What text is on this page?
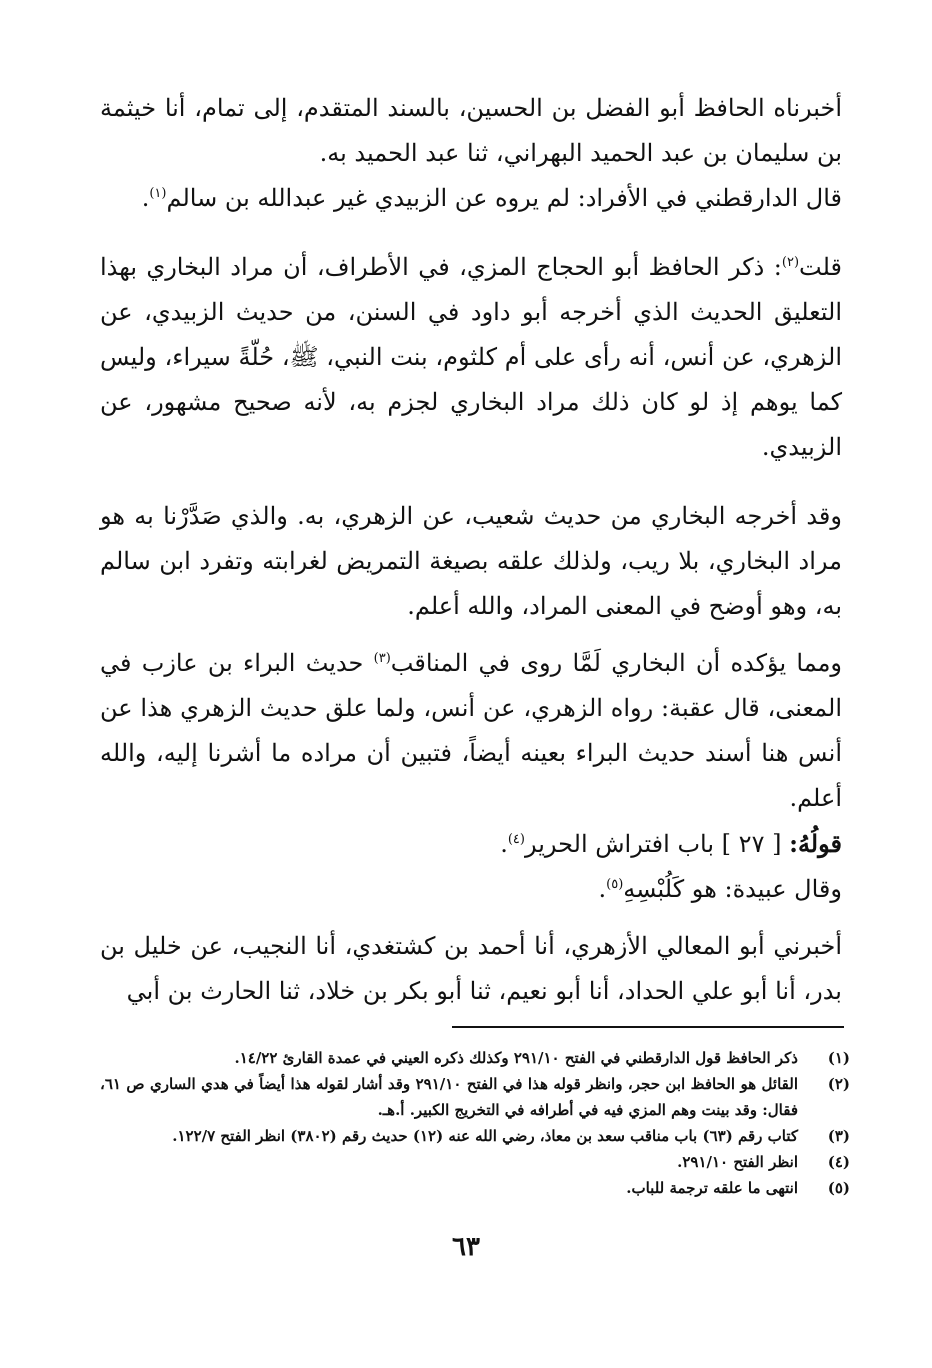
أخبرناه الحافظ أبو الفضل بن الحسين، بالسند المتقدم، إلى تمام، أنا خيثمة بن سليمان بن عبد الحميد البهراني، ثنا عبد الحميد به.

قال الدارقطني في الأفراد: لم يروه عن الزبيدي غير عبدالله بن سالم$^{(١)}$.

قلت$^{(٢)}$: ذكر الحافظ أبو الحجاج المزي، في الأطراف، أن مراد البخاري بهذا التعليق الحديث الذي أخرجه أبو داود في السنن، من حديث الزبيدي، عن الزهري، عن أنس، أنه رأى على أم كلثوم، بنت النبي، ﷺ، حُلّةً سيراء، وليس كما يوهم إذ لو كان ذلك مراد البخاري لجزم به، لأنه صحيح مشهور، عن الزبيدي.

وقد أخرجه البخاري من حديث شعيب، عن الزهري، به. والذي صَدَّرْنا به هو مراد البخاري، بلا ريب، ولذلك علقه بصيغة التمريض لغرابته وتفرد ابن سالم به، وهو أوضح في المعنى المراد، والله أعلم.

ومما يؤكده أن البخاري لَمَّا روى في المناقب$^{(٣)}$ حديث البراء بن عازب في المعنى، قال عقبة: رواه الزهري، عن أنس، ولما علق حديث الزهري هذا عن أنس هنا أسند حديث البراء بعينه أيضاً، فتبين أن مراده ما أشرنا إليه، والله أعلم.

قولُهُ: [ ٢٧ ] باب افتراش الحرير$^{(٤)}$.

وقال عبيدة: هو كَلُبْسِهِ$^{(٥)}$.

أخبرني أبو المعالي الأزهري، أنا أحمد بن كشتغدي، أنا النجيب، عن خليل بن بدر، أنا أبو علي الحداد، أنا أبو نعيم، ثنا أبو بكر بن خلاد، ثنا الحارث بن أبي

(١)
ذكر الحافظ قول الدارقطني في الفتح ٢٩١/١٠ وكذلك ذكره العيني في عمدة القارئ ١٤/٢٢.
(٢)
القائل هو الحافظ ابن حجر، وانظر قوله هذا في الفتح ٢٩١/١٠ وقد أشار لقوله هذا أيضاً في هدي الساري ص ٦١، فقال: وقد بينت وهم المزي فيه في أطرافه في التخريج الكبير. أ.هـ.
(٣)
كتاب رقم (٦٣) باب مناقب سعد بن معاذ، رضي الله عنه (١٢) حديث رقم (٣٨٠٢) انظر الفتح ١٢٢/٧.
(٤)
انظر الفتح ٢٩١/١٠.
(٥)
انتهى ما علقه ترجمة للباب.
٦٣
